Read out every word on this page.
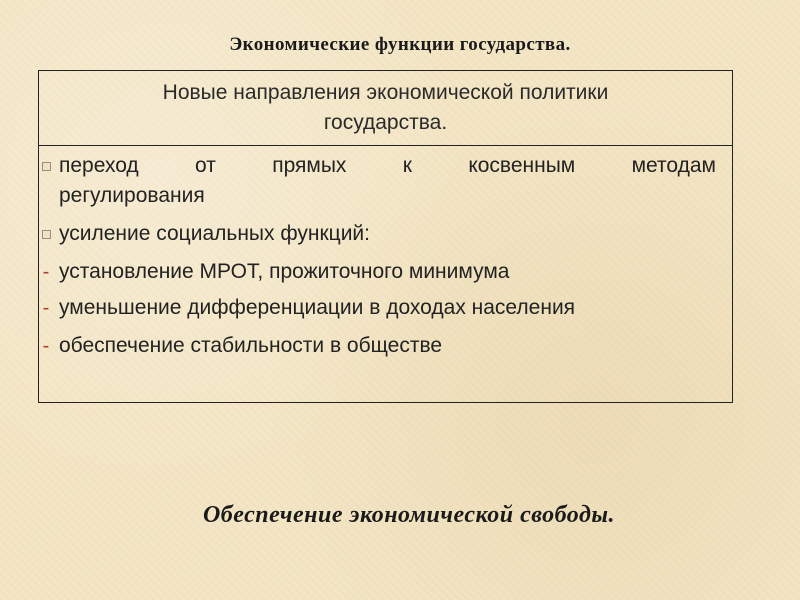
Экономические функции государства.
Новые направления экономической политики государства.
переход	от	прямых	к	косвенным	методам
регулирования
усиление социальных функций:
- установление МРОТ, прожиточного минимума
- уменьшение дифференциации в доходах населения
- обеспечение стабильности в обществе
Обеспечение экономической свободы.
